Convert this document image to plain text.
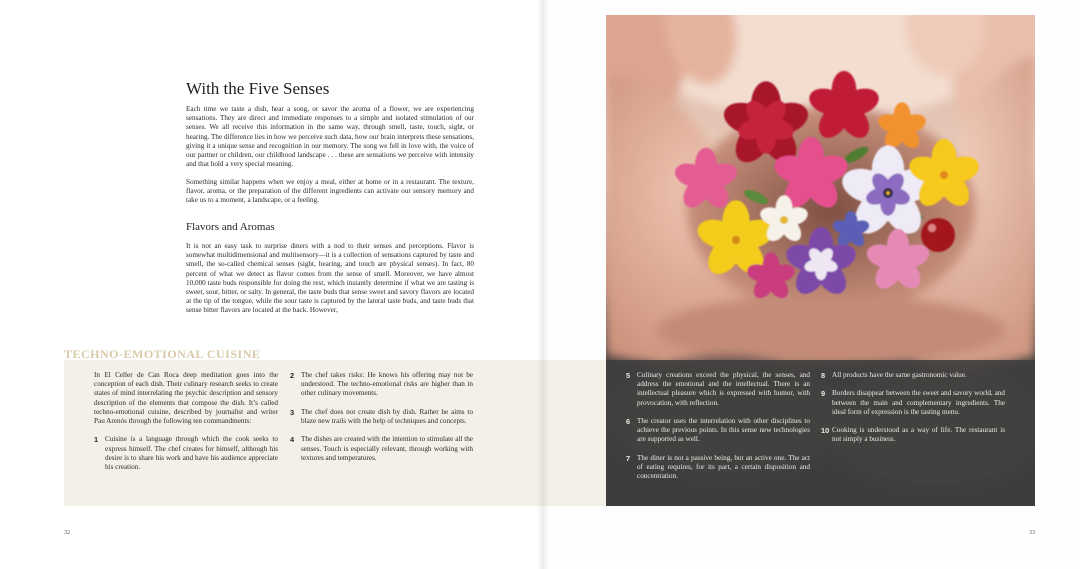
With the Five Senses

Each time we taste a dish, hear a song, or savor the aroma of a flower, we are experiencing sensations. They are direct and immediate responses to a simple and isolated stimulation of our senses. We all receive this information in the same way, through smell, taste, touch, sight, or hearing. The difference lies in how we perceive such data, how our brain interprets these sensations, giving it a unique sense and recognition in our memory. The song we fell in love with, the voice of our partner or children, our childhood landscape . . . these are sensations we perceive with intensity and that hold a very special meaning.

Something similar happens when we enjoy a meal, either at home or in a restaurant. The texture, flavor, aroma, or the preparation of the different ingredients can activate our sensory memory and take us to a moment, a landscape, or a feeling.

Flavors and Aromas

It is not an easy task to surprise diners with a nod to their senses and perceptions. Flavor is somewhat multidimensional and multisensory—it is a collection of sensations captured by taste and smell, the so-called chemical senses (sight, hearing, and touch are physical senses). In fact, 80 percent of what we detect as flavor comes from the sense of smell. Moreover, we have almost 10,000 taste buds responsible for doing the rest, which instantly determine if what we are tasting is sweet, sour, bitter, or salty. In general, the taste buds that sense sweet and savory flavors are located at the tip of the tongue, while the sour taste is captured by the lateral taste buds, and taste buds that sense bitter flavors are located at the back. However,

TECHNO-EMOTIONAL CUISINE

In El Celler de Can Roca deep meditation goes into the conception of each dish. Their culinary research seeks to create states of mind interrelating the psychic description and sensory description of the elements that compose the dish. It’s called techno-emotional cuisine, described by journalist and writer Pau Arenós through the following ten commandments:

1 Cuisine is a language through which the cook seeks to express himself. The chef creates for himself, although his desire is to share his work and have his audience appreciate his creation.
2 The chef takes risks: He knows his offering may not be understood. The techno-emotional risks are higher than in other culinary movements.
3 The chef does not create dish by dish. Rather he aims to blaze new trails with the help of techniques and concepts.
4 The dishes are created with the intention to stimulate all the senses. Touch is especially relevant, through working with textures and temperatures.
5 Culinary creations exceed the physical, the senses, and address the emotional and the intellectual. There is an intellectual pleasure which is expressed with humor, with provocation, with reflection.
6 The creator uses the interrelation with other disciplines to achieve the previous points. In this sense new technologies are supported as well.
7 The diner is not a passive being, but an active one. The act of eating requires, for its part, a certain disposition and concentration.
8 All products have the same gastronomic value.
9 Borders disappear between the sweet and savory world, and between the main and complementary ingredients. The ideal form of expression is the tasting menu.
10 Cooking is understood as a way of life. The restaurant is not simply a business.
32	33
